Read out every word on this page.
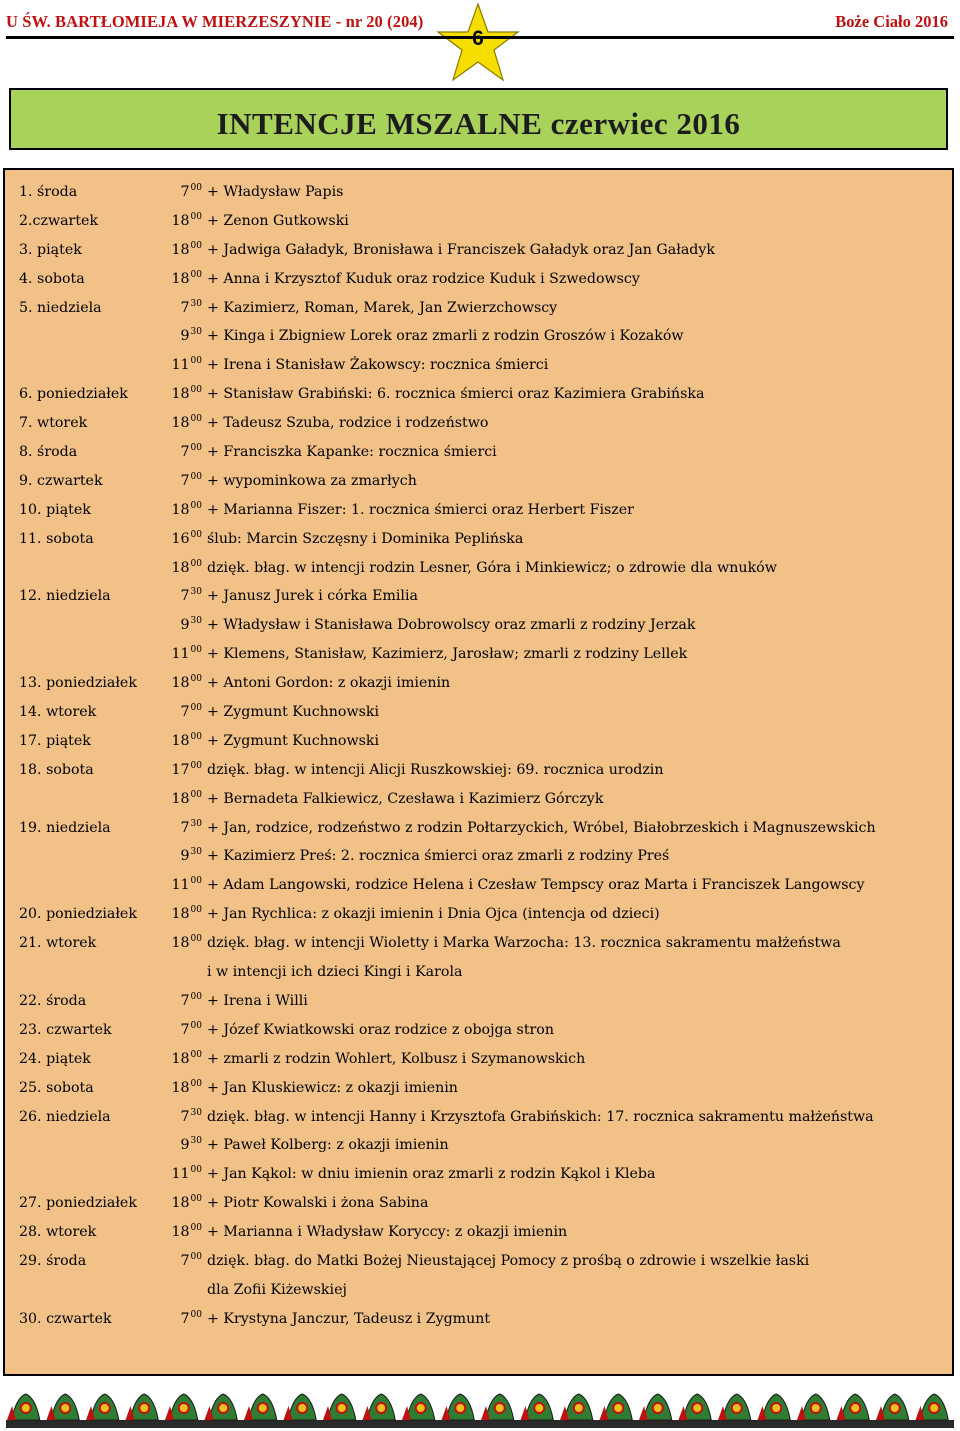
U ŚW. BARTŁOMIEJA W MIERZESZYNIE - nr 20 (204)	Boże Ciało 2016
INTENCJE MSZALNE czerwiec 2016
1. środa	$7^{00}$ + Władysław Papis
2.czwartek	$18^{00}$ + Zenon Gutkowski
3. piątek	$18^{00}$ + Jadwiga Gaładyk, Bronisława i Franciszek Gaładyk oraz Jan Gaładyk
4. sobota	$18^{00}$ + Anna i Krzysztof Kuduk oraz rodzice Kuduk i Szwedowscy
5. niedziela	$7^{30}$ + Kazimierz, Roman, Marek, Jan Zwierzchowscy
$9^{30}$ + Kinga i Zbigniew Lorek oraz zmarli z rodzin Groszów i Kozaków
$11^{00}$ + Irena i Stanisław Żakowscy: rocznica śmierci
6. poniedziałek	$18^{00}$ + Stanisław Grabiński: 6. rocznica śmierci oraz Kazimiera Grabińska
7. wtorek	$18^{00}$ + Tadeusz Szuba, rodzice i rodzeństwo
8. środa	$7^{00}$ + Franciszka Kapanke: rocznica śmierci
9. czwartek	$7^{00}$ + wypominkowa za zmarłych
10. piątek	$18^{00}$ + Marianna Fiszer: 1. rocznica śmierci oraz Herbert Fiszer
11. sobota	$16^{00}$ ślub: Marcin Szczęsny i Dominika Peplińska
$18^{00}$ dzięk. błag. w intencji rodzin Lesner, Góra i Minkiewicz; o zdrowie dla wnuków
12. niedziela	$7^{30}$ + Janusz Jurek i córka Emilia
$9^{30}$ + Władysław i Stanisława Dobrowolscy oraz zmarli z rodziny Jerzak
$11^{00}$ + Klemens, Stanisław, Kazimierz, Jarosław; zmarli z rodziny Lellek
13. poniedziałek $18^{00}$ + Antoni Gordon: z okazji imienin
14. wtorek	$7^{00}$ + Zygmunt Kuchnowski
17. piątek	$18^{00}$ + Zygmunt Kuchnowski
18. sobota	$17^{00}$ dzięk. błag. w intencji Alicji Ruszkowskiej: 69. rocznica urodzin
$18^{00}$ + Bernadeta Falkiewicz, Czesława i Kazimierz Górczyk
19. niedziela	$7^{30}$ + Jan, rodzice, rodzeństwo z rodzin Połtarzyckich, Wróbel, Białobrzeskich i Magnuszewskich
$9^{30}$ + Kazimierz Preś: 2. rocznica śmierci oraz zmarli z rodziny Preś
$11^{00}$ + Adam Langowski, rodzice Helena i Czesław Tempscy oraz Marta i Franciszek Langowscy
20. poniedziałek $18^{00}$ + Jan Rychlica: z okazji imienin i Dnia Ojca (intencja od dzieci)
21. wtorek	$18^{00}$ dzięk. błag. w intencji Wioletty i Marka Warzocha: 13. rocznica sakramentu małżeństwa
i w intencji ich dzieci Kingi i Karola
22. środa	$7^{00}$ + Irena i Willi
23. czwartek	$7^{00}$ + Józef Kwiatkowski oraz rodzice z obojga stron
24. piątek	$18^{00}$ + zmarli z rodzin Wohlert, Kolbusz i Szymanowskich
25. sobota	$18^{00}$ + Jan Kluskiewicz: z okazji imienin
26. niedziela	$7^{30}$ dzięk. błag. w intencji Hanny i Krzysztofa Grabińskich: 17. rocznica sakramentu małżeństwa
$9^{30}$ + Paweł Kolberg: z okazji imienin
$11^{00}$ + Jan Kąkol: w dniu imienin oraz zmarli z rodzin Kąkol i Kleba
27. poniedziałek $18^{00}$ + Piotr Kowalski i żona Sabina
28. wtorek	$18^{00}$ + Marianna i Władysław Koryccy: z okazji imienin
29. środa	$7^{00}$ dzięk. błag. do Matki Bożej Nieustającej Pomocy z prośbą o zdrowie i wszelkie łaski
dla Zofii Kiżewskiej
30. czwartek	$7^{00}$ + Krystyna Janczur, Tadeusz i Zygmunt
